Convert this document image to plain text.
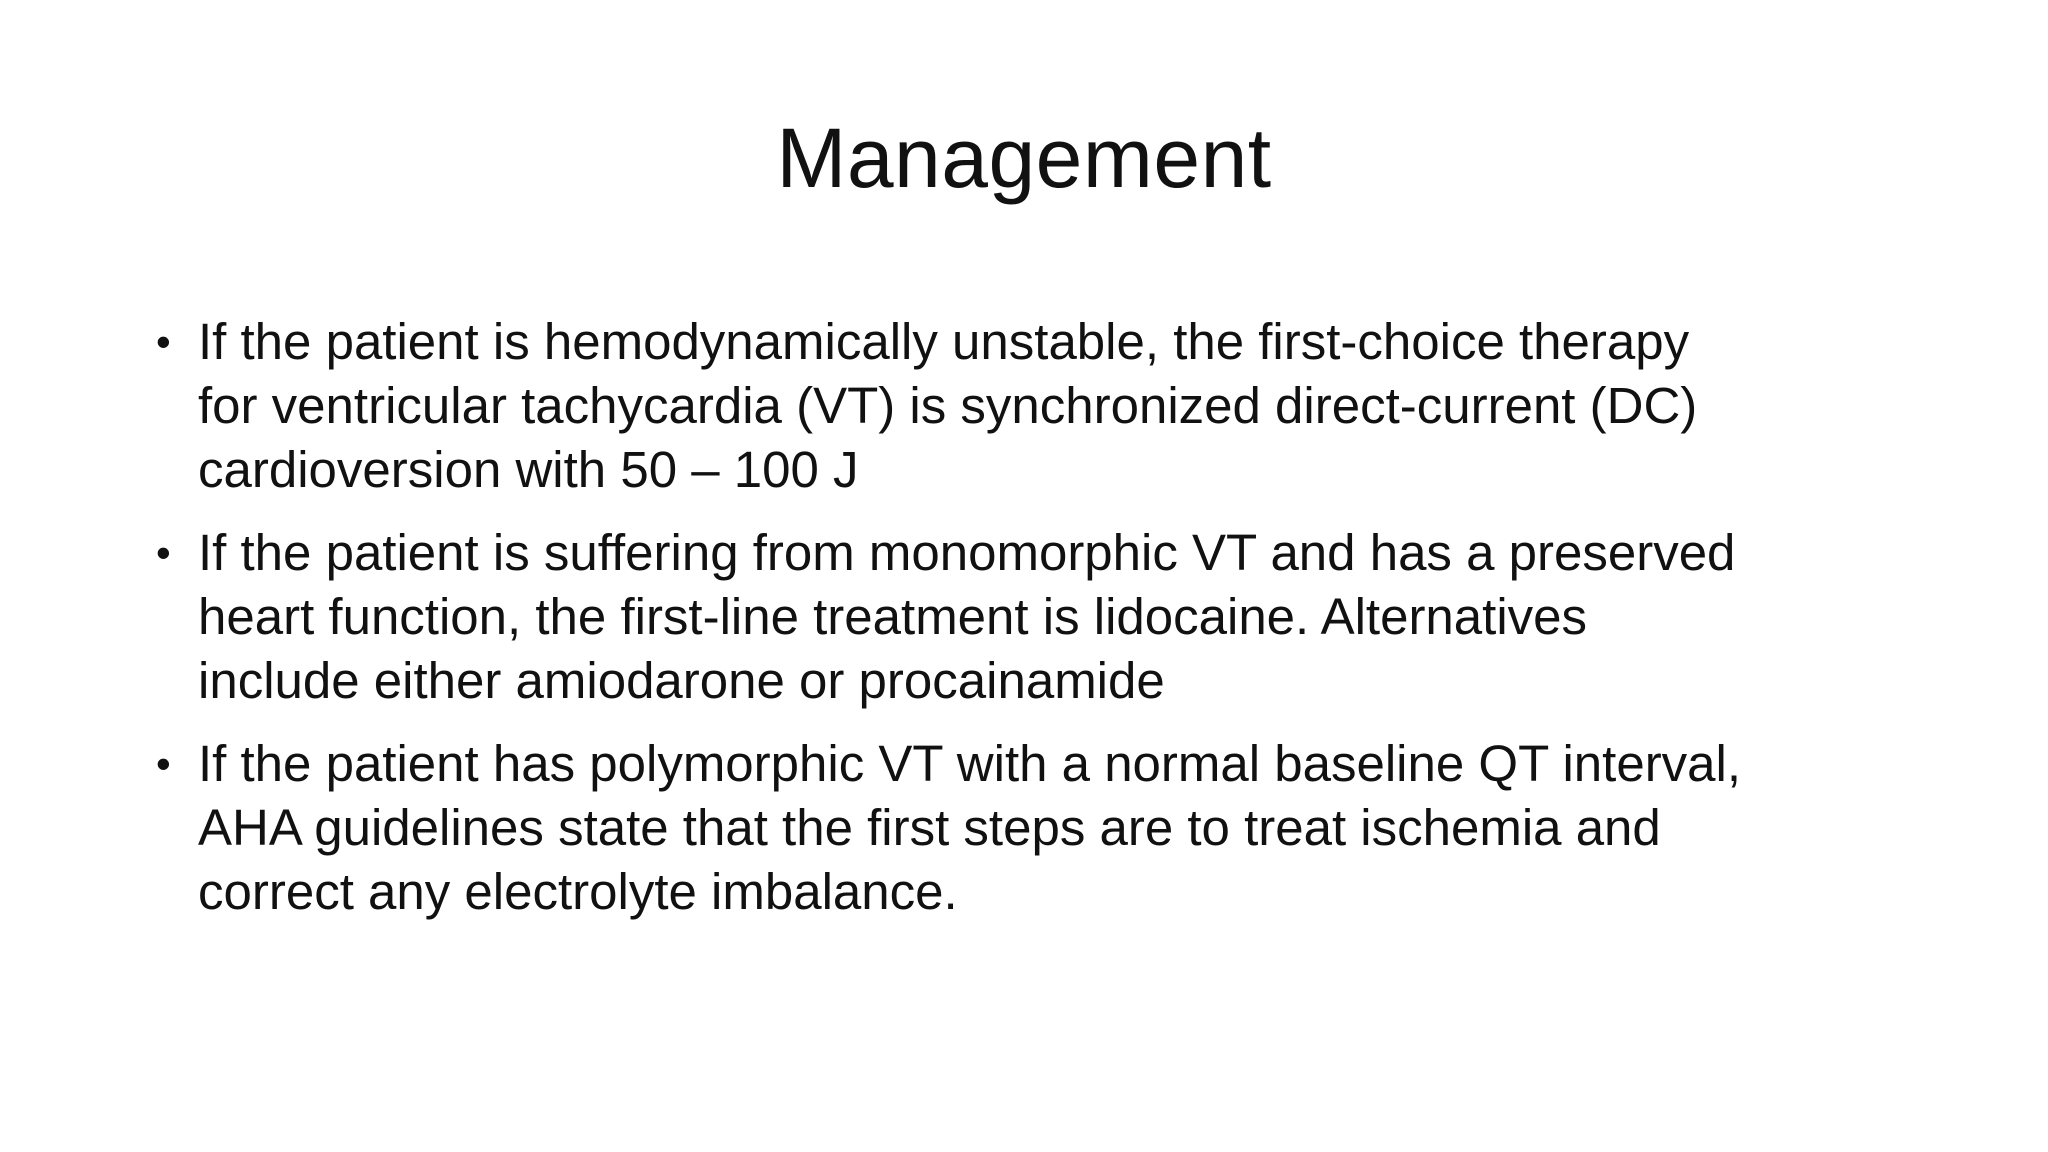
Management
• If the patient is hemodynamically unstable, the first-choice therapy
for ventricular tachycardia (VT) is synchronized direct-current (DC)
cardioversion with 50 – 100 J
• If the patient is suffering from monomorphic VT and has a preserved
heart function, the first-line treatment is lidocaine. Alternatives
include either amiodarone or procainamide
• If the patient has polymorphic VT with a normal baseline QT interval,
AHA guidelines state that the first steps are to treat ischemia and
correct any electrolyte imbalance.
